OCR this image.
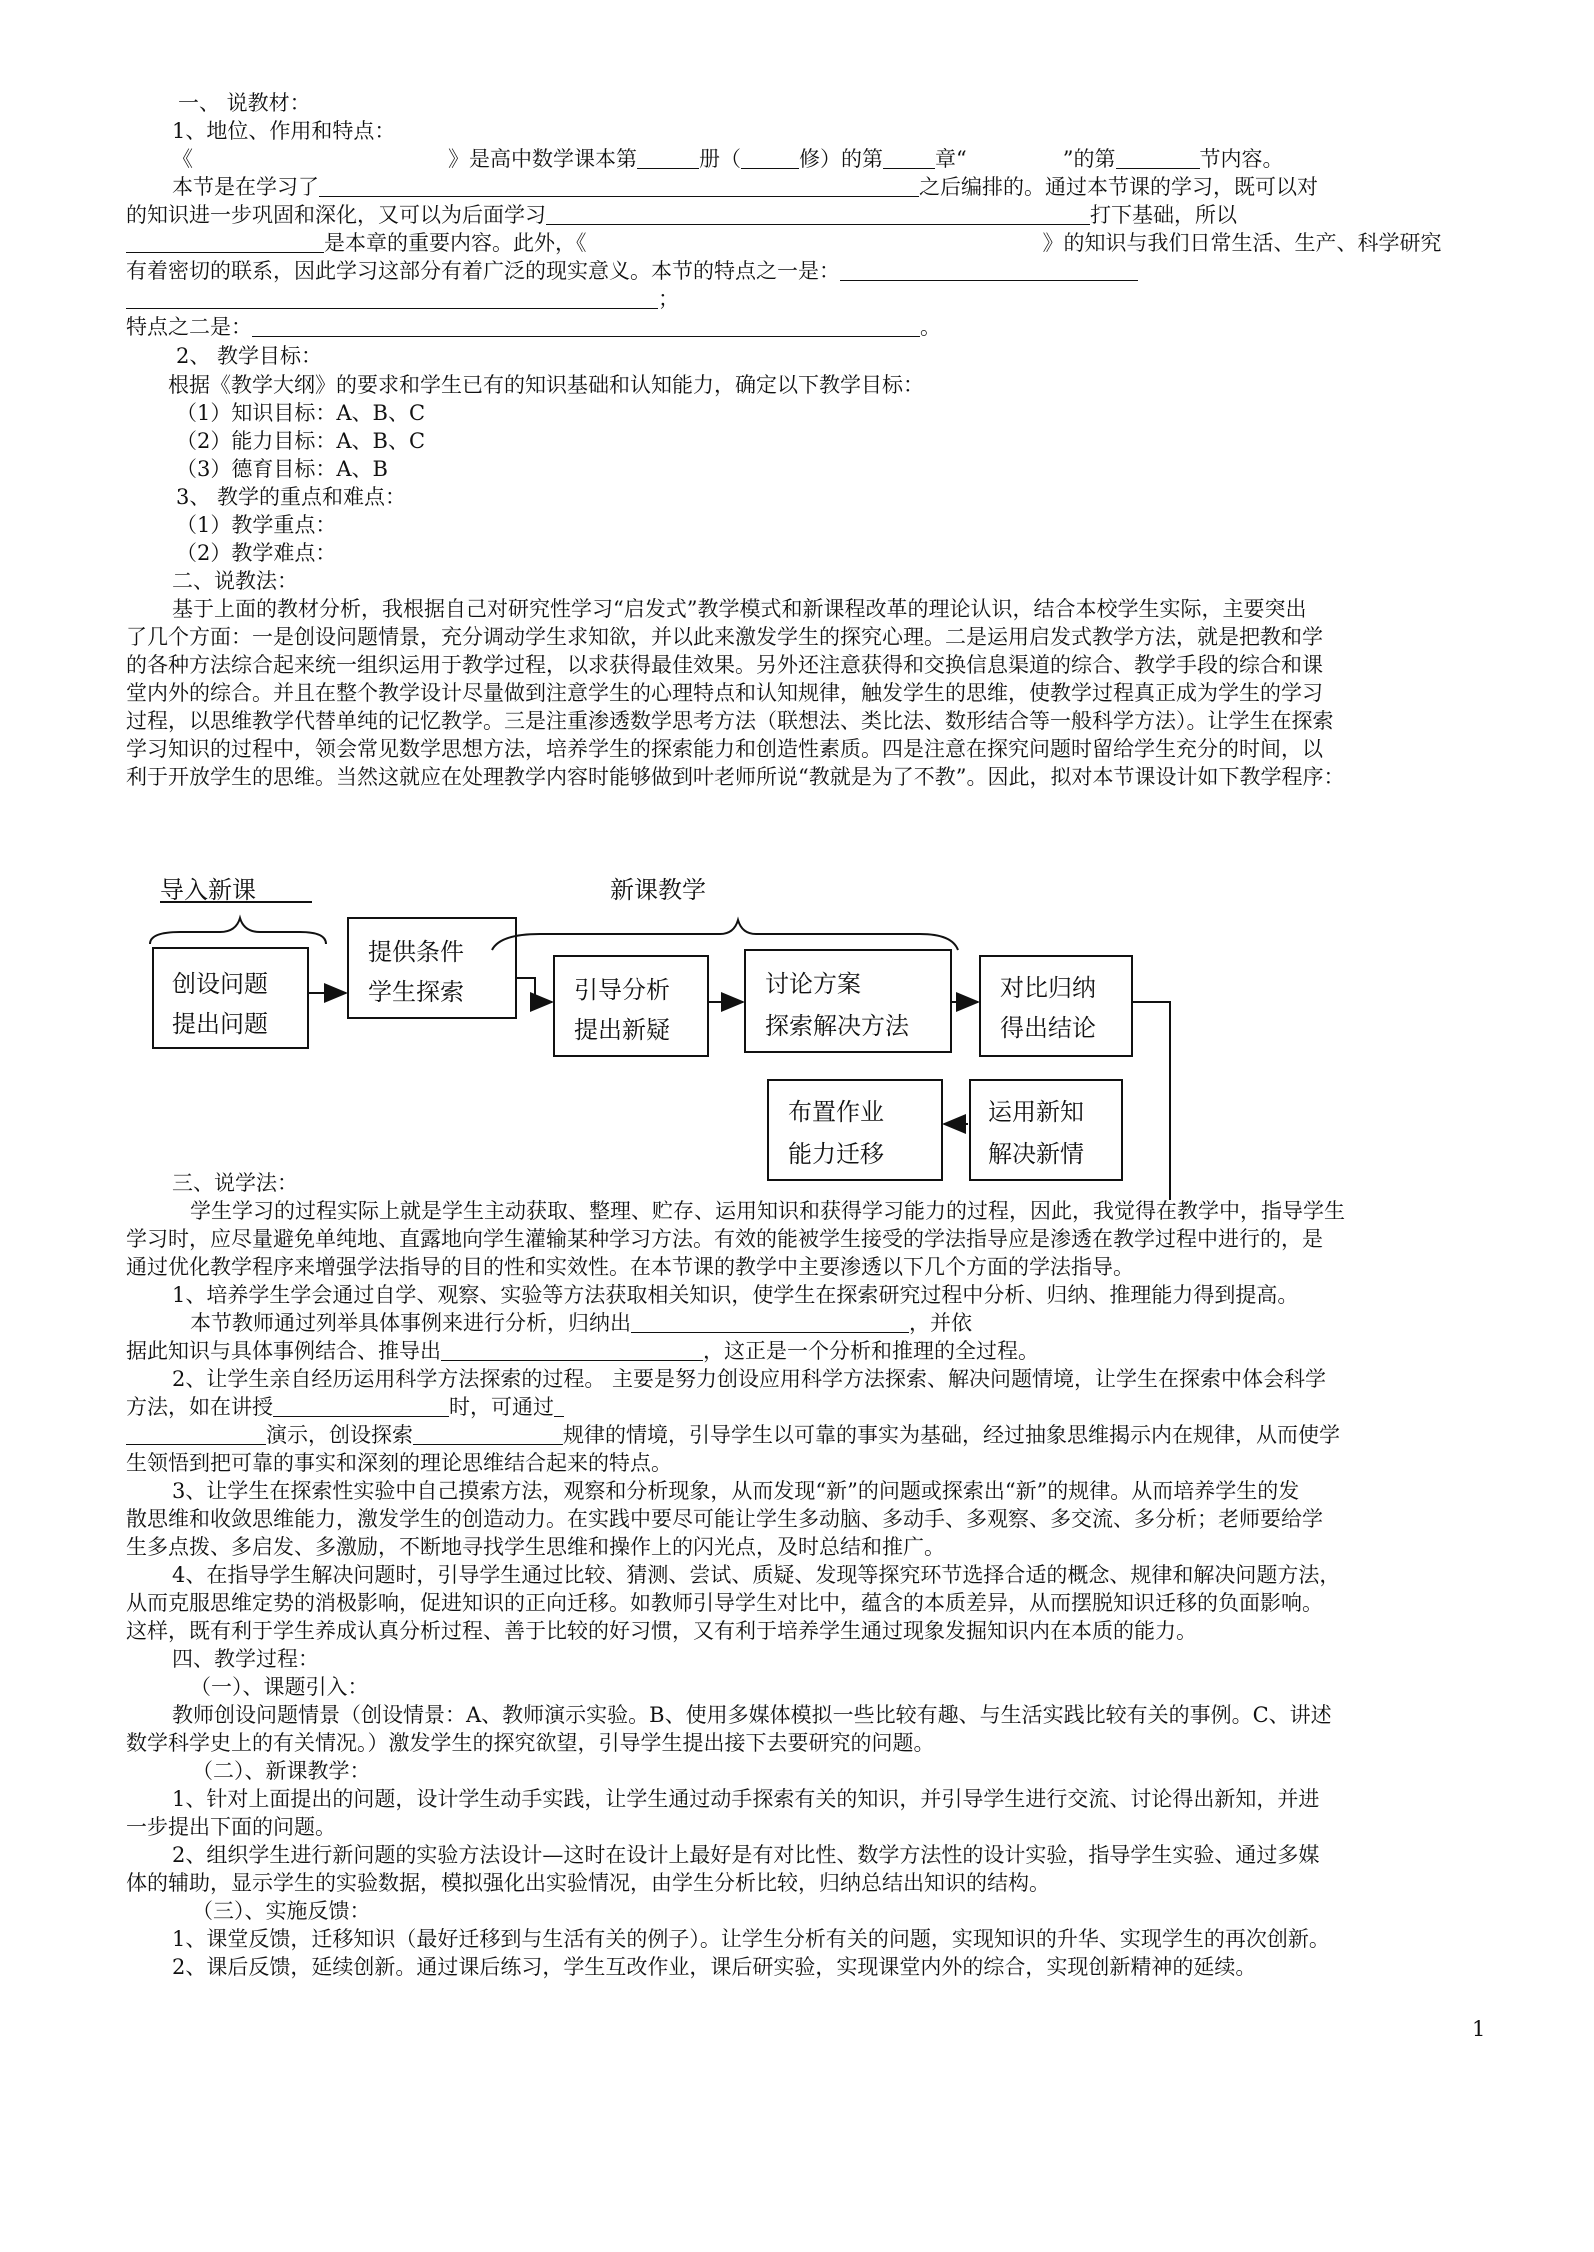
一、 说教材：
1、地位、作用和特点：
《	》是高中数学课本第	册（	修）的第 章“	”的第	节内容。
本节是在学习了	之后编排的。通过本节课的学习，既可以对
的知识进一步巩固和深化，又可以为后面学习	打下基础，所以
是本章的重要内容。此外，《	》的知识与我们日常生活、生产、科学研究
有着密切的联系，因此学习这部分有着广泛的现实意义。本节的特点之一是：
；
特点之二是：	。
2、 教学目标：
根据《教学大纲》的要求和学生已有的知识基础和认知能力，确定以下教学目标：
（1）知识目标：A、B、C
（2）能力目标：A、B、C
（3）德育目标：A、B
3、 教学的重点和难点：
（1）教学重点：
（2）教学难点：
二、说教法：
基于上面的教材分析，我根据自己对研究性学习“启发式”教学模式和新课程改革的理论认识，结合本校学生实际，主要突出
了几个方面：一是创设问题情景，充分调动学生求知欲，并以此来激发学生的探究心理。二是运用启发式教学方法，就是把教和学
的各种方法综合起来统一组织运用于教学过程，以求获得最佳效果。另外还注意获得和交换信息渠道的综合、教学手段的综合和课
堂内外的综合。并且在整个教学设计尽量做到注意学生的心理特点和认知规律，触发学生的思维，使教学过程真正成为学生的学习
过程，以思维教学代替单纯的记忆教学。三是注重渗透数学思考方法（联想法、类比法、数形结合等一般科学方法）。让学生在探索
学习知识的过程中，领会常见数学思想方法，培养学生的探索能力和创造性素质。四是注意在探究问题时留给学生充分的时间，以
利于开放学生的思维。当然这就应在处理教学内容时能够做到叶老师所说“教就是为了不教”。因此，拟对本节课设计如下教学程序：
导入新课	新课教学
创设问题
提出问题
提供条件
学生探索	引导分析
提出新疑
讨论方案
探索解决方法
对比归纳
得出结论
运用新知
解决新情
布置作业
能力迁移
三、说学法：
学生学习的过程实际上就是学生主动获取、整理、贮存、运用知识和获得学习能力的过程，因此，我觉得在教学中，指导学生
学习时，应尽量避免单纯地、直露地向学生灌输某种学习方法。有效的能被学生接受的学法指导应是渗透在教学过程中进行的，是
通过优化教学程序来增强学法指导的目的性和实效性。在本节课的教学中主要渗透以下几个方面的学法指导。
1、培养学生学会通过自学、观察、实验等方法获取相关知识，使学生在探索研究过程中分析、归纳、推理能力得到提高。
本节教师通过列举具体事例来进行分析，归纳出	，并依
据此知识与具体事例结合、推导出	，这正是一个分析和推理的全过程。
2、让学生亲自经历运用科学方法探索的过程。 主要是努力创设应用科学方法探索、解决问题情境，让学生在探索中体会科学
方法，如在讲授	时，可通过
演示，创设探索	规律的情境，引导学生以可靠的事实为基础，经过抽象思维揭示内在规律，从而使学
生领悟到把可靠的事实和深刻的理论思维结合起来的特点。
3、让学生在探索性实验中自己摸索方法，观察和分析现象，从而发现“新”的问题或探索出“新”的规律。从而培养学生的发
散思维和收敛思维能力，激发学生的创造动力。在实践中要尽可能让学生多动脑、多动手、多观察、多交流、多分析；老师要给学
生多点拨、多启发、多激励，不断地寻找学生思维和操作上的闪光点，及时总结和推广。
4、在指导学生解决问题时，引导学生通过比较、猜测、尝试、质疑、发现等探究环节选择合适的概念、规律和解决问题方法，
从而克服思维定势的消极影响，促进知识的正向迁移。如教师引导学生对比中，蕴含的本质差异，从而摆脱知识迁移的负面影响。
这样，既有利于学生养成认真分析过程、善于比较的好习惯，又有利于培养学生通过现象发掘知识内在本质的能力。
四、教学过程：
（一）、课题引入：
教师创设问题情景（创设情景：A、教师演示实验。B、使用多媒体模拟一些比较有趣、与生活实践比较有关的事例。C、讲述
数学科学史上的有关情况。）激发学生的探究欲望，引导学生提出接下去要研究的问题。
（二）、新课教学：
1、针对上面提出的问题，设计学生动手实践，让学生通过动手探索有关的知识，并引导学生进行交流、讨论得出新知，并进
一步提出下面的问题。
2、组织学生进行新问题的实验方法设计—这时在设计上最好是有对比性、数学方法性的设计实验，指导学生实验、通过多媒
体的辅助，显示学生的实验数据，模拟强化出实验情况，由学生分析比较，归纳总结出知识的结构。
（三）、实施反馈：
1、课堂反馈，迁移知识（最好迁移到与生活有关的例子）。让学生分析有关的问题，实现知识的升华、实现学生的再次创新。
2、课后反馈，延续创新。通过课后练习，学生互改作业，课后研实验，实现课堂内外的综合，实现创新精神的延续。
1
